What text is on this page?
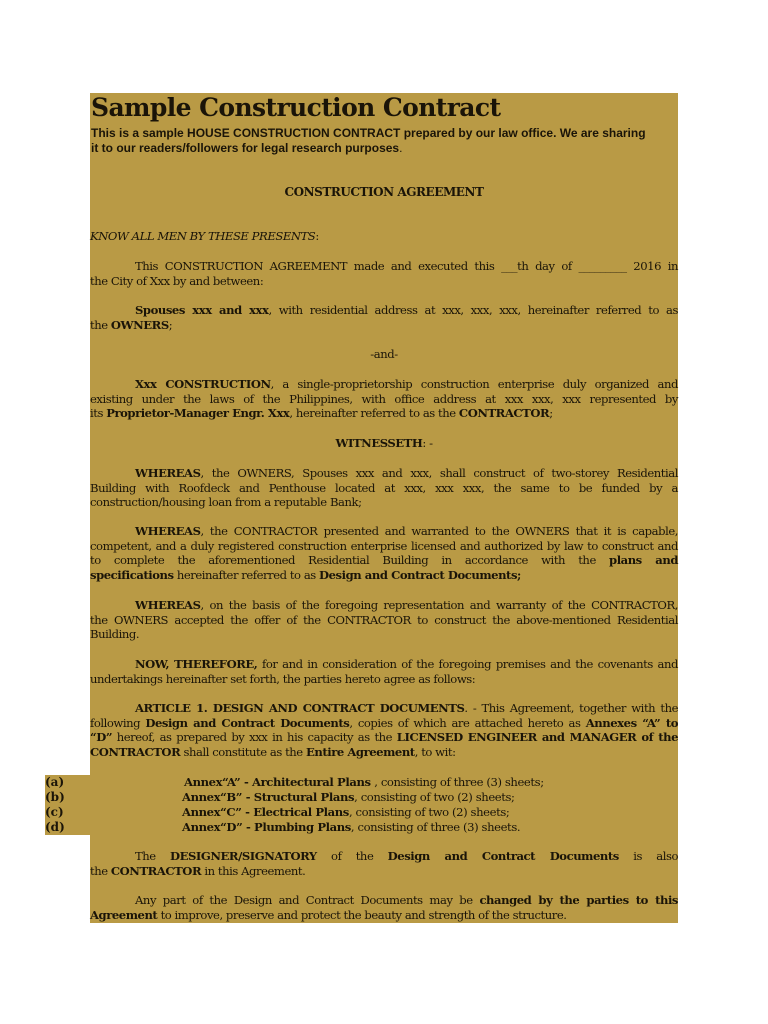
Sample Construction Contract
This is a sample HOUSE CONSTRUCTION CONTRACT prepared by our law office. We are sharing
it to our readers/followers for legal research purposes.
CONSTRUCTION AGREEMENT
KNOW ALL MEN BY THESE PRESENTS:
This CONSTRUCTION AGREEMENT made and executed this ___th day of _________ 2016 in
the City of Xxx by and between:
Spouses xxx and xxx, with residential address at xxx, xxx, xxx, hereinafter referred to as
the OWNERS;
-and-
Xxx CONSTRUCTION, a single-proprietorship construction enterprise duly organized and
existing under the laws of the Philippines, with office address at xxx xxx, xxx represented by
its Proprietor-Manager Engr. Xxx, hereinafter referred to as the CONTRACTOR;
WITNESSETH: -
WHEREAS, the OWNERS, Spouses xxx and xxx, shall construct of two-storey Residential
Building with Roofdeck and Penthouse located at xxx, xxx xxx, the same to be funded by a
construction/housing loan from a reputable Bank;
WHEREAS, the CONTRACTOR presented and warranted to the OWNERS that it is capable,
competent, and a duly registered construction enterprise licensed and authorized by law to construct and
to complete the aforementioned Residential Building in accordance with the plans and
specifications hereinafter referred to as Design and Contract Documents;
WHEREAS, on the basis of the foregoing representation and warranty of the CONTRACTOR,
the OWNERS accepted the offer of the CONTRACTOR to construct the above-mentioned Residential
Building.
NOW, THEREFORE, for and in consideration of the foregoing premises and the covenants and
undertakings hereinafter set forth, the parties hereto agree as follows:
ARTICLE 1. DESIGN AND CONTRACT DOCUMENTS. - This Agreement, together with the
following Design and Contract Documents, copies of which are attached hereto as Annexes “A” to
“D” hereof, as prepared by xxx in his capacity as the LICENSED ENGINEER and MANAGER of the
CONTRACTOR shall constitute as the Entire Agreement, to wit:
Annex“A” - Architectural Plans , consisting of three (3) sheets;
Annex“B” - Structural Plans, consisting of two (2) sheets;
Annex“C” - Electrical Plans, consisting of two (2) sheets;
Annex“D” - Plumbing Plans, consisting of three (3) sheets.
The DESIGNER/SIGNATORY of the Design and Contract Documents is also
the CONTRACTOR in this Agreement.
Any part of the Design and Contract Documents may be changed by the parties to this
Agreement to improve, preserve and protect the beauty and strength of the structure.
(a)
(b)
(c)
(d)
